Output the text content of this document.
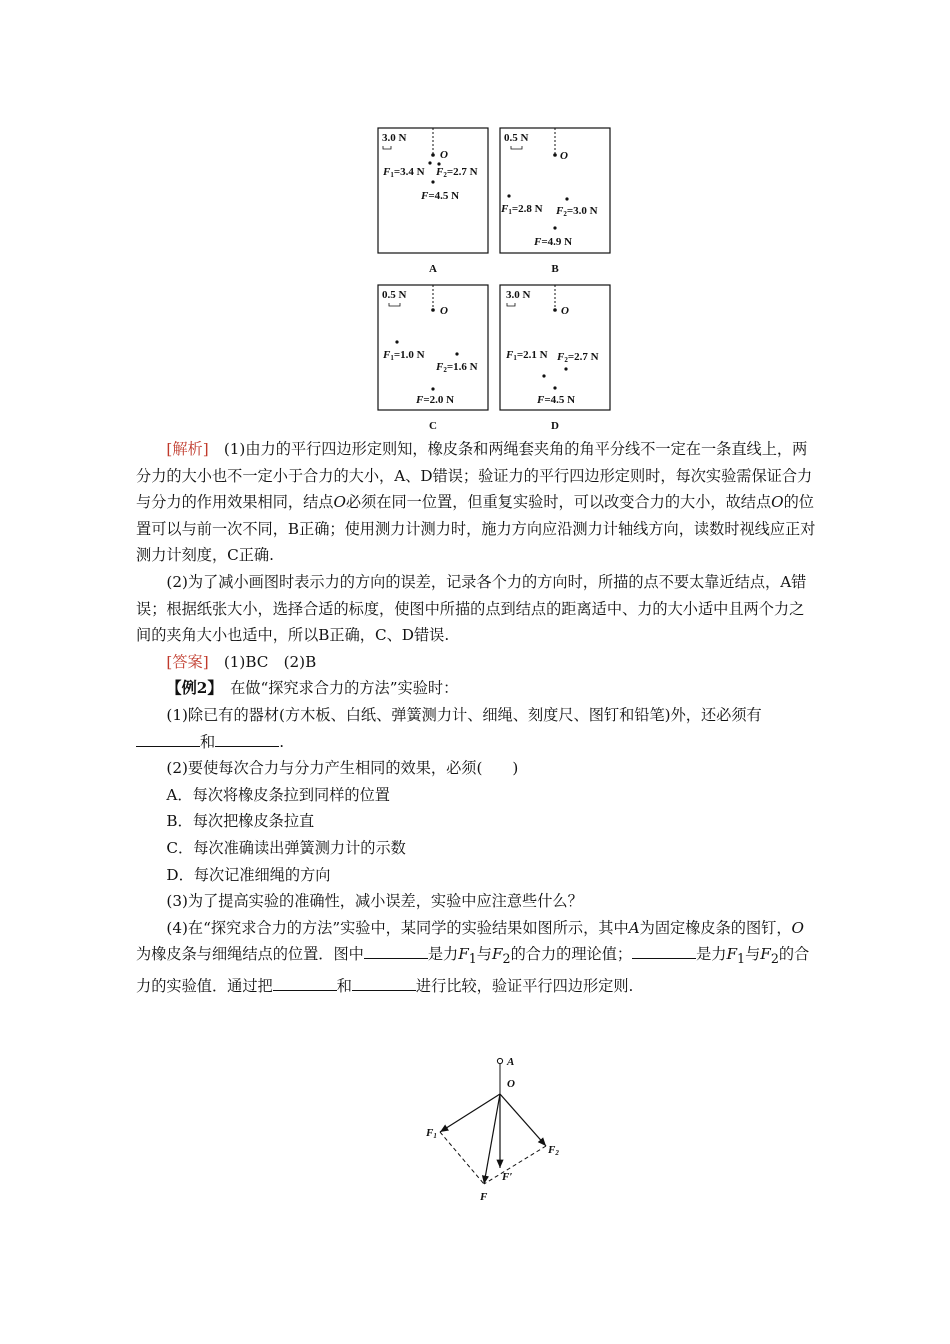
3.0 N
O
F1=3.4 N F2=2.7 N
F=4.5 N
A
0.5 N
O
F1=2.8 N F2=3.0 N
F=4.9 N
B
0.5 N
O
F1=1.0 N
F2=1.6 N
F=2.0 N
C
3.0 N
O
F1=2.1 N F2=2.7 N
F=4.5 N
D

[解析]　 (1)由力的平行四边形定则知，橡皮条和两绳套夹角的角平分线不一定在一条直线上，两分力的大小也不一定小于合力的大小，A、D错误；验证力的平行四边形定则时，每次实验需保证合力与分力的作用效果相同，结点O必须在同一位置，但重复实验时，可以改变合力的大小，故结点O的位置可以与前一次不同，B正确；使用测力计测力时，施力方向应沿测力计轴线方向，读数时视线应正对测力计刻度，C正确.

(2)为了减小画图时表示力的方向的误差，记录各个力的方向时，所描的点不要太靠近结点，A错误；根据纸张大小，选择合适的标度，使图中所描的点到结点的距离适中、力的大小适中且两个力之间的夹角大小也适中，所以B正确，C、D错误.

[答案]　 (1)BC　(2)B

【例2】　 在做“探究求合力的方法”实验时：

(1)除已有的器材(方木板、白纸、弹簧测力计、细绳、刻度尺、图钉和铅笔)外，还必须有和	.

(2)要使每次合力与分力产生相同的效果，必须( )

A．每次将橡皮条拉到同样的位置

B．每次把橡皮条拉直

C．每次准确读出弹簧测力计的示数

D．每次记准细绳的方向

(3)为了提高实验的准确性，减小误差，实验中应注意些什么？

(4)在“探究求合力的方法”实验中，某同学的实验结果如图所示，其中A为固定橡皮条的图钉，O为橡皮条与细绳结点的位置．图中	是力$F_1$与$F_2$的合力的理论值；	是力$F_1$与$F_2$的合力的实验值．通过把	和	进行比较，验证平行四边形定则.

A
O
F1
F2
F
F′
